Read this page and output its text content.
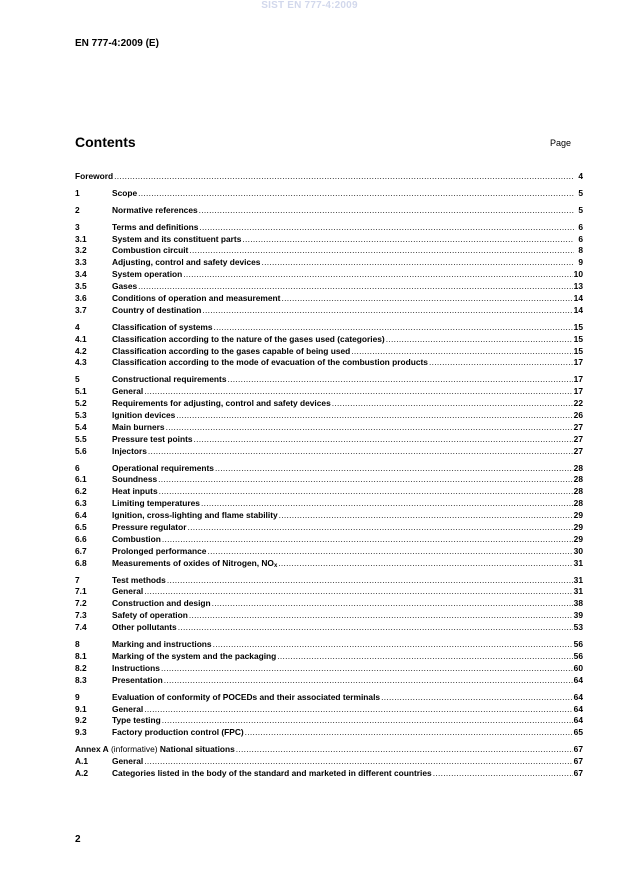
SIST EN 777-4:2009
EN 777-4:2009 (E)
Contents	Page
Foreword .....	4
1	Scope .....	5
2	Normative references .....	5
3	Terms and definitions .....	6
3.1	System and its constituent parts .....	6
3.2	Combustion circuit .....	8
3.3	Adjusting, control and safety devices .....	9
3.4	System operation .....	10
3.5	Gases .....	13
3.6	Conditions of operation and measurement .....	14
3.7	Country of destination .....	14
4	Classification of systems .....	15
4.1	Classification according to the nature of the gases used (categories) .....	15
4.2	Classification according to the gases capable of being used .....	15
4.3	Classification according to the mode of evacuation of the combustion products .....	17
5	Constructional requirements .....	17
5.1	General .....	17
5.2	Requirements for adjusting, control and safety devices .....	22
5.3	Ignition devices .....	26
5.4	Main burners .....	27
5.5	Pressure test points .....	27
5.6	Injectors .....	27
6	Operational requirements .....	28
6.1	Soundness .....	28
6.2	Heat inputs .....	28
6.3	Limiting temperatures .....	28
6.4	Ignition, cross-lighting and flame stability .....	29
6.5	Pressure regulator .....	29
6.6	Combustion .....	29
6.7	Prolonged performance .....	30
6.8	Measurements of oxides of Nitrogen, $NO_x$ .....	31
7	Test methods .....	31
7.1	General .....	31
7.2	Construction and design .....	38
7.3	Safety of operation .....	39
7.4	Other pollutants .....	53
8	Marking and instructions .....	56
8.1	Marking of the system and the packaging .....	56
8.2	Instructions .....	60
8.3	Presentation .....	64
9	Evaluation of conformity of POCEDs and their associated terminals .....	64
9.1	General .....	64
9.2	Type testing .....	64
9.3	Factory production control (FPC) .....	65
Annex A (informative) National situations .....	67
A.1	General .....	67
A.2	Categories listed in the body of the standard and marketed in different countries .....	67
2
